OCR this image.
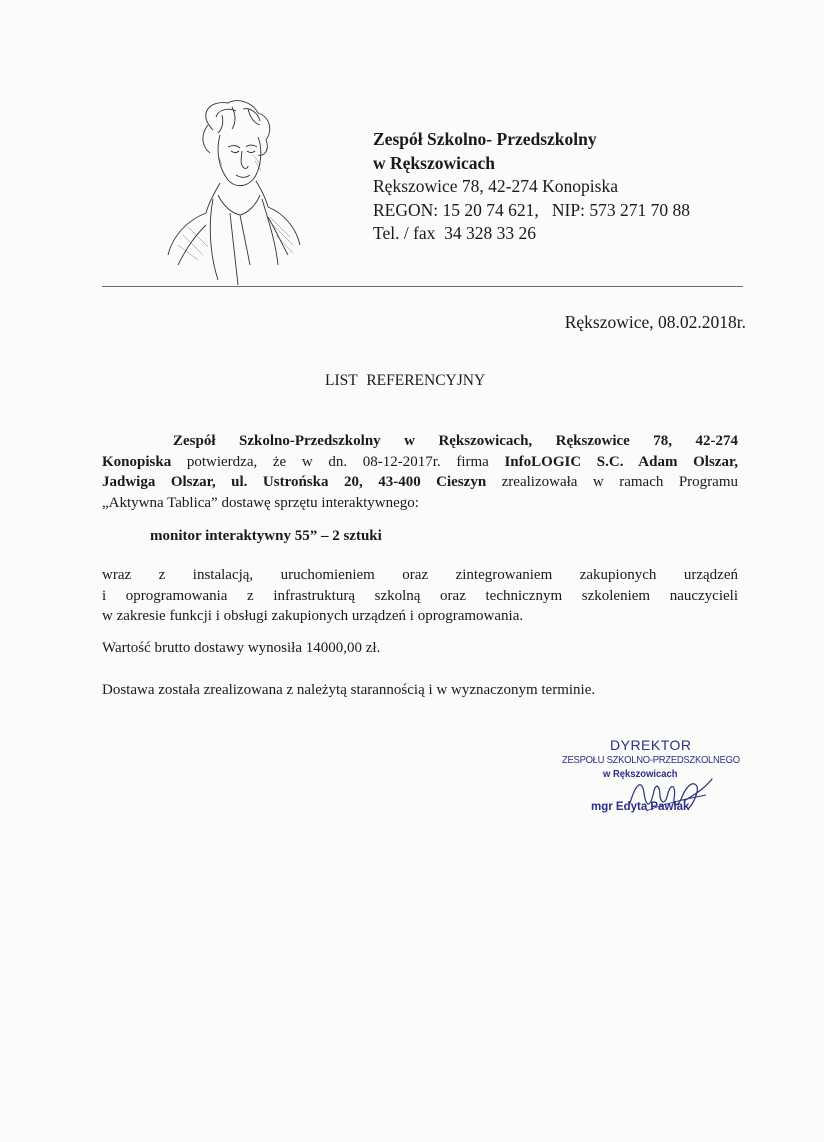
Zespół Szkolno- Przedszkolny
w Rększowicach
Rększowice 78, 42-274 Konopiska
REGON: 15 20 74 621,   NIP: 573 271 70 88
Tel. / fax  34 328 33 26
Rększowice, 08.02.2018r.
LIST REFERENCYJNY
Zespół Szkolno-Przedszkolny w Rększowicach, Rększowice 78, 42-274
Konopiska potwierdza, że w dn. 08-12-2017r. firma InfoLOGIC S.C. Adam Olszar,
Jadwiga Olszar, ul. Ustrońska 20, 43-400 Cieszyn zrealizowała w ramach Programu
„Aktywna Tablica” dostawę sprzętu interaktywnego:
monitor interaktywny 55” – 2 sztuki
wraz z instalacją, uruchomieniem oraz zintegrowaniem zakupionych urządzeń
i oprogramowania z infrastrukturą szkolną oraz technicznym szkoleniem nauczycieli
w zakresie funkcji i obsługi zakupionych urządzeń i oprogramowania.
Wartość brutto dostawy wynosiła 14000,00 zł.
Dostawa została zrealizowana z należytą starannością i w wyznaczonym terminie.
DYREKTOR
ZESPOŁU SZKOLNO-PRZEDSZKOLNEGO
w Rększowicach
mgr Edyta Pawlak
